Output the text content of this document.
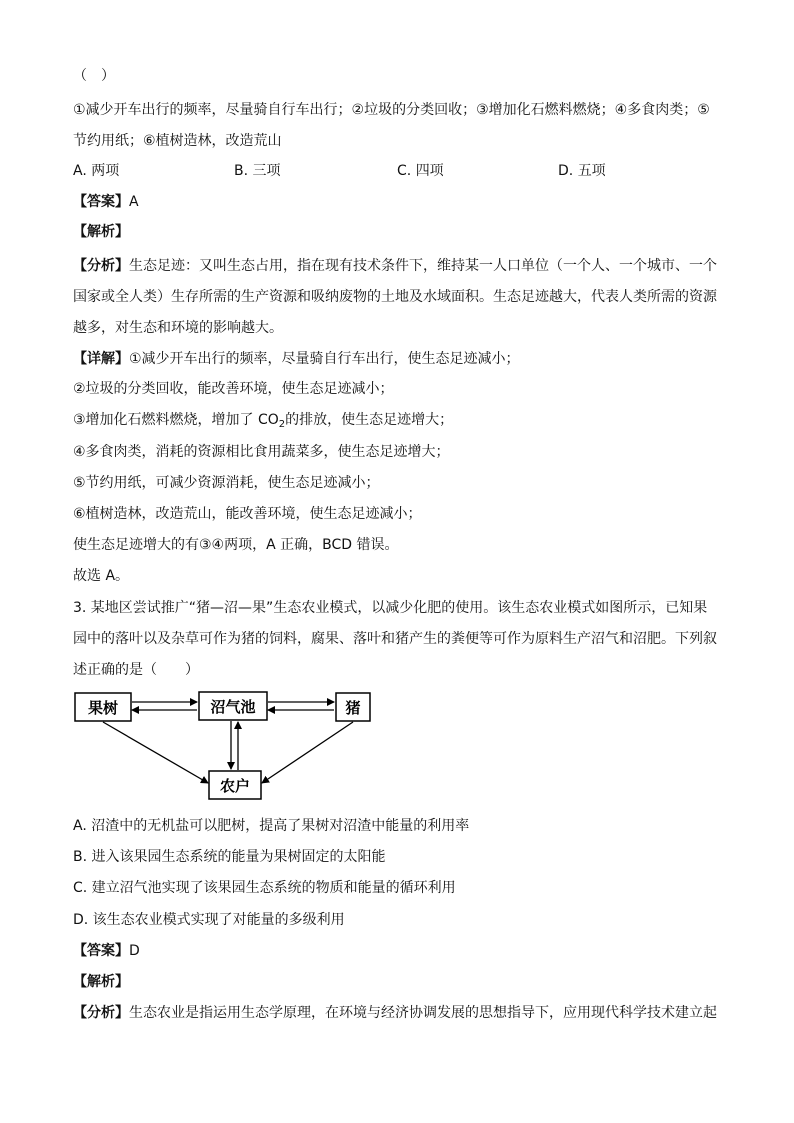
（　）
①减少开车出行的频率，尽量骑自行车出行；②垃圾的分类回收；③增加化石燃料燃烧；④多食肉类；⑤
节约用纸；⑥植树造林，改造荒山
A. 两项	B. 三项	C. 四项	D. 五项
【答案】A
【解析】
【分析】生态足迹：又叫生态占用，指在现有技术条件下，维持某一人口单位（一个人、一个城市、一个
国家或全人类）生存所需的生产资源和吸纳废物的土地及水域面积。生态足迹越大，代表人类所需的资源
越多，对生态和环境的影响越大。
【详解】①减少开车出行的频率，尽量骑自行车出行，使生态足迹减小；
②垃圾的分类回收，能改善环境，使生态足迹减小；
③增加化石燃料燃烧，增加了 $CO_2$的排放，使生态足迹增大；
④多食肉类，消耗的资源相比食用蔬菜多，使生态足迹增大；
⑤节约用纸，可减少资源消耗，使生态足迹减小；
⑥植树造林，改造荒山，能改善环境，使生态足迹减小；
使生态足迹增大的有③④两项，A 正确，BCD 错误。
故选 A。
3. 某地区尝试推广“猪—沼—果”生态农业模式，以减少化肥的使用。该生态农业模式如图所示，已知果
园中的落叶以及杂草可作为猪的饲料，腐果、落叶和猪产生的粪便等可作为原料生产沼气和沼肥。下列叙
述正确的是（　　）
果树	沼气池	猪
农户
A. 沼渣中的无机盐可以肥树，提高了果树对沼渣中能量的利用率
B. 进入该果园生态系统的能量为果树固定的太阳能
C. 建立沼气池实现了该果园生态系统的物质和能量的循环利用
D. 该生态农业模式实现了对能量的多级利用
【答案】D
【解析】
【分析】生态农业是指运用生态学原理，在环境与经济协调发展的思想指导下，应用现代科学技术建立起
